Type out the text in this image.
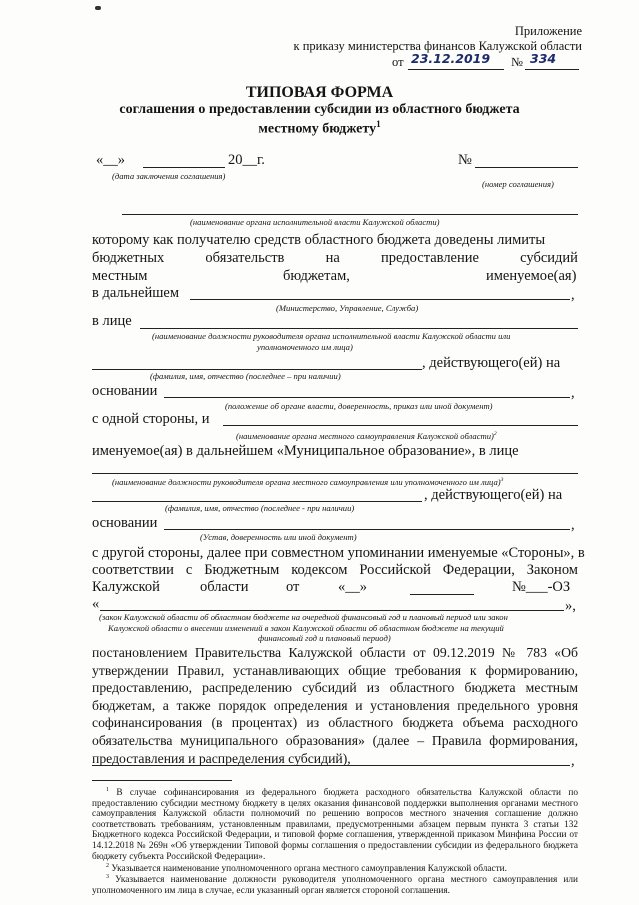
Приложение
к приказу министерства финансов Калужской области
от 23.12.2019 № 334
ТИПОВАЯ ФОРМА
соглашения о предоставлении субсидии из областного бюджета
местному бюджету$^1$
«__»	20__г.
(дата заключения соглашения)
№
(номер соглашения)
(наименование органа исполнительной власти Калужской области)
которому как получателю средств областного бюджета доведены лимиты
бюджетных	обязательств	на	предоставление	субсидий
местным	бюджетам,	именуемое(ая)
в дальнейшем	,
(Министерство, Управление, Служба)
в лице
(наименование должности руководителя органа исполнительной власти Калужской области или
уполномоченного им лица)
, действующего(ей) на
(фамилия, имя, отчество (последнее – при наличии)
основании	,
(положение об органе власти, доверенность, приказ или иной документ)
с одной стороны, и
(наименование органа местного самоуправления Калужской области)$^2$
именуемое(ая) в дальнейшем «Муниципальное образование», в лице
(наименование должности руководителя органа местного самоуправления или уполномоченного им лица)$^3$
, действующего(ей) на
(фамилия, имя, отчество (последнее - при наличии)
основании	,
(Устав, доверенность или иной документ)
с другой стороны, далее при совместном упоминании именуемые «Стороны», в
соответствии с Бюджетным кодексом Российской Федерации, Законом
Калужской	области	от	«__»	№___-ОЗ
«	»,
(закон Калужской области об областном бюджете на очередной финансовый год и плановый период или закон
Калужской области о внесении изменений в закон Калужской области об областном бюджете на текущий
финансовый год и плановый период)
постановлением Правительства Калужской области от 09.12.2019 № 783 «Об утверждении Правил, устанавливающих общие требования к формированию, предоставлению, распределению субсидий из областного бюджета местным бюджетам, а также порядок определения и установления предельного уровня софинансирования (в процентах) из областного бюджета объема расходного обязательства муниципального образования» (далее – Правила формирования, предоставления и распределения субсидий),	,
$^1$ В случае софинансирования из федерального бюджета расходного обязательства Калужской области по предоставлению субсидии местному бюджету в целях оказания финансовой поддержки выполнения органами местного самоуправления Калужской области полномочий по решению вопросов местного значения соглашение должно соответствовать требованиям, установленным правилами, предусмотренными абзацем первым пункта 3 статьи 132 Бюджетного кодекса Российской Федерации, и типовой форме соглашения, утвержденной приказом Минфина России от 14.12.2018 № 269н «Об утверждении Типовой формы соглашения о предоставлении субсидии из федерального бюджета бюджету субъекта Российской Федерации».
$^2$ Указывается наименование уполномоченного органа местного самоуправления Калужской области.
$^3$ Указывается наименование должности руководителя уполномоченного органа местного самоуправления или уполномоченного им лица в случае, если указанный орган является стороной соглашения.
